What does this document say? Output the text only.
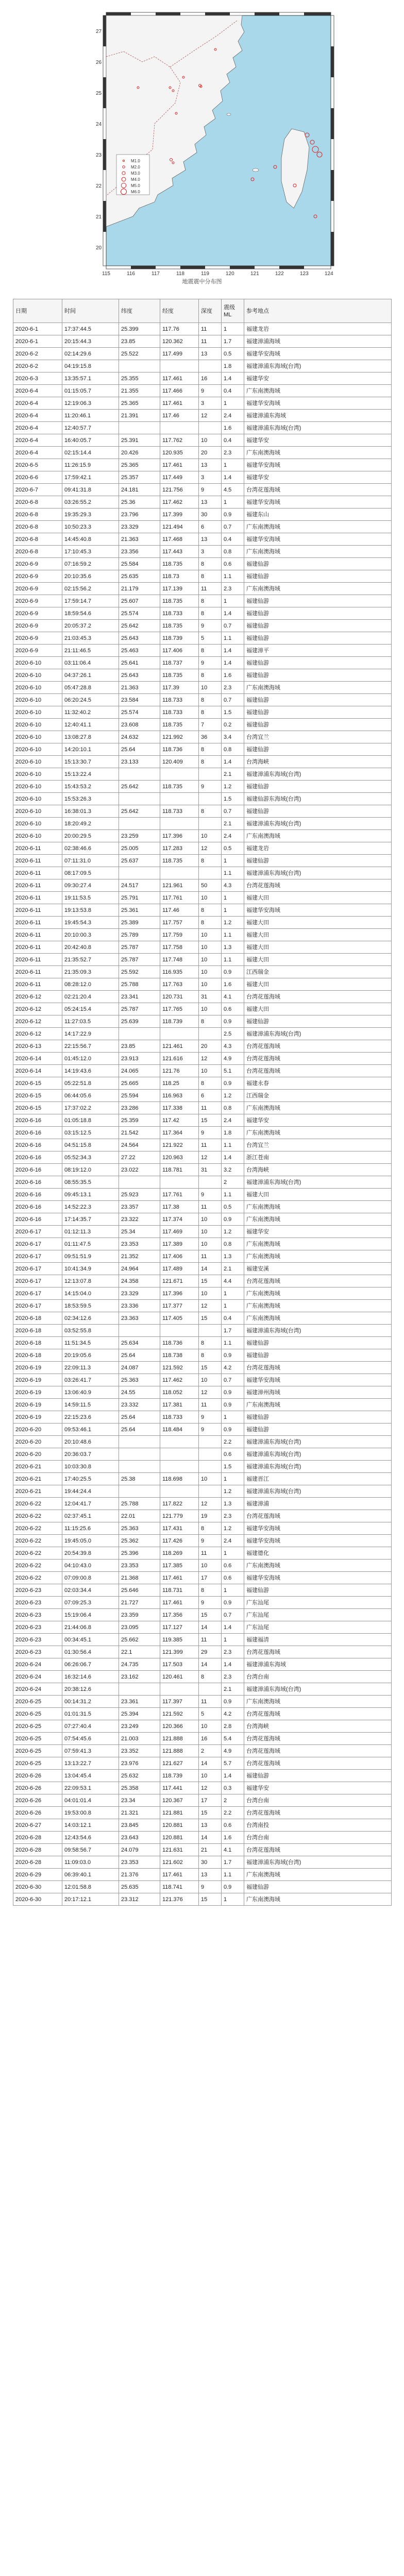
27
26
25
24
23
22
21
20
115	116	117	118	119	120	121	122	123	124
M1.0
M2.0
M3.0
M4.0
M5.0
M6.0
地震震中分布图
日期	时间	纬度	经度	深度	震级 ML	参考地点
2020-6-1	17:37:44.5	25.399	117.76	11	1	福建龙岩
2020-6-1	20:15:44.3	23.85	120.362	11	1.7	福建漳浦海域
2020-6-2	02:14:29.6	25.522	117.499	13	0.5	福建华安海域
2020-6-2	04:19:15.8				1.8	福建漳浦东海域(台湾)
2020-6-3	13:35:57.1	25.355	117.461	16	1.4	福建华安
2020-6-4	01:15:05.7	21.355	117.466	9	0.4	广东南澳海域
2020-6-4	12:19:06.3	25.365	117.461	3	1	福建华安海域
2020-6-4	11:20:46.1	21.391	117.46	12	2.4	福建漳浦东海域
2020-6-4	12:40:57.7				1.6	福建漳浦东海域(台湾)
2020-6-4	16:40:05.7	25.391	117.762	10	0.4	福建华安
2020-6-4	02:15:14.4	20.426	120.935	20	2.3	广东南澳海域
2020-6-5	11:26:15.9	25.365	117.461	13	1	福建华安海域
2020-6-6	17:59:42.1	25.357	117.449	3	1.4	福建华安
2020-6-7	09:41:31.8	24.181	121.756	9	4.5	台湾花莲海域
2020-6-8	03:26:55.2	25.36	117.462	13	1	福建华安海域
2020-6-8	19:35:29.3	23.796	117.399	30	0.9	福建东山
2020-6-8	10:50:23.3	23.329	121.494	6	0.7	广东南澳海域
2020-6-8	14:45:40.8	21.363	117.468	13	0.4	福建华安海域
2020-6-8	17:10:45.3	23.356	117.443	3	0.8	广东南澳海域
2020-6-9	07:16:59.2	25.584	118.735	8	0.6	福建仙游
2020-6-9	20:10:35.6	25.635	118.73	8	1.1	福建仙游
2020-6-9	02:15:56.2	21.179	117.139	11	2.3	广东南澳海域
2020-6-9	17:59:14.7	25.607	118.735	8	1	福建仙游
2020-6-9	18:59:54.6	25.574	118.733	8	1.4	福建仙游
2020-6-9	20:05:37.2	25.642	118.735	9	0.7	福建仙游
2020-6-9	21:03:45.3	25.643	118.739	5	1.1	福建仙游
2020-6-9	21:11:46.5	25.463	117.406	8	1.4	福建漳平
2020-6-10	03:11:06.4	25.641	118.737	9	1.4	福建仙游
2020-6-10	04:37:26.1	25.643	118.735	8	1.6	福建仙游
2020-6-10	05:47:28.8	21.363	117.39	10	2.3	广东南澳海域
2020-6-10	06:20:24.5	23.584	118.733	8	0.7	福建仙游
2020-6-10	11:32:40.2	25.574	118.733	8	1.5	福建仙游
2020-6-10	12:40:41.1	23.608	118.735	7	0.2	福建仙游
2020-6-10	13:08:27.8	24.632	121.992	36	3.4	台湾宜兰
2020-6-10	14:20:10.1	25.64	118.736	8	0.8	福建仙游
2020-6-10	15:13:30.7	23.133	120.409	8	1.4	台湾海峡
2020-6-10	15:13:22.4				2.1	福建漳浦东海域(台湾)
2020-6-10	15:43:53.2	25.642	118.735	9	1.2	福建仙游
2020-6-10	15:53:26.3				1.5	福建仙游东海域(台湾)
2020-6-10	16:38:01.3	25.642	118.733	8	0.7	福建仙游
2020-6-10	18:20:49.2				2.1	福建漳浦东海域(台湾)
2020-6-10	20:00:29.5	23.259	117.396	10	2.4	广东南澳海域
2020-6-11	02:38:46.6	25.005	117.283	12	0.5	福建龙岩
2020-6-11	07:11:31.0	25.637	118.735	8	1	福建仙游
2020-6-11	08:17:09.5				1.1	福建漳浦东海域(台湾)
2020-6-11	09:30:27.4	24.517	121.961	50	4.3	台湾花莲海域
2020-6-11	19:11:53.5	25.791	117.761	10	1	福建大田
2020-6-11	19:13:53.8	25.361	117.46	8	1	福建华安海域
2020-6-11	19:45:54.3	25.389	117.757	8	1.2	福建大田
2020-6-11	20:10:00.3	25.789	117.759	10	1.1	福建大田
2020-6-11	20:42:40.8	25.787	117.758	10	1.3	福建大田
2020-6-11	21:35:52.7	25.787	117.748	10	1.1	福建大田
2020-6-11	21:35:09.3	25.592	116.935	10	0.9	江西瑞金
2020-6-11	08:28:12.0	25.788	117.763	10	1.6	福建大田
2020-6-12	02:21:20.4	23.341	120.731	31	4.1	台湾花莲海域
2020-6-12	05:24:15.4	25.787	117.765	10	0.6	福建大田
2020-6-12	11:27:03.5	25.639	118.739	8	0.9	福建仙游
2020-6-12	14:17:22.9				2.5	福建漳浦东海域(台湾)
2020-6-13	22:15:56.7	23.85	121.461	20	4.3	台湾花莲海域
2020-6-14	01:45:12.0	23.913	121.616	12	4.9	台湾花莲海域
2020-6-14	14:19:43.6	24.065	121.76	10	5.1	台湾花莲海域
2020-6-15	05:22:51.8	25.665	118.25	8	0.9	福建永春
2020-6-15	06:44:05.6	25.594	116.963	6	1.2	江西瑞金
2020-6-15	17:37:02.2	23.286	117.338	11	0.8	广东南澳海域
2020-6-16	01:05:18.8	25.359	117.42	15	2.4	福建华安
2020-6-16	03:15:12.5	21.542	117.364	9	1.8	广东南澳海域
2020-6-16	04:51:15.8	24.564	121.922	11	1.1	台湾宜兰
2020-6-16	05:52:34.3	27.22	120.963	12	1.4	浙江苍南
2020-6-16	08:19:12.0	23.022	118.781	31	3.2	台湾海峡
2020-6-16	08:55:35.5				2	福建漳浦东海域(台湾)
2020-6-16	09:45:13.1	25.923	117.761	9	1.1	福建大田
2020-6-16	14:52:22.3	23.357	117.38	11	0.5	广东南澳海域
2020-6-16	17:14:35.7	23.322	117.374	10	0.9	广东南澳海域
2020-6-17	01:12:11.3	25.34	117.469	10	1.2	福建华安
2020-6-17	01:11:47.5	23.353	117.389	10	0.8	广东南澳海域
2020-6-17	09:51:51.9	21.352	117.406	11	1.3	广东南澳海域
2020-6-17	10:41:34.9	24.964	117.489	14	2.1	福建安溪
2020-6-17	12:13:07.8	24.358	121.671	15	4.4	台湾花莲海域
2020-6-17	14:15:04.0	23.329	117.396	10	1	广东南澳海域
2020-6-17	18:53:59.5	23.336	117.377	12	1	广东南澳海域
2020-6-18	02:34:12.6	23.363	117.405	15	0.4	广东南澳海域
2020-6-18	03:52:55.8				1.7	福建漳浦东海域(台湾)
2020-6-18	11:51:34.5	25.634	118.736	8	1.1	福建仙游
2020-6-18	20:19:05.6	25.64	118.738	8	0.9	福建仙游
2020-6-19	22:09:11.3	24.087	121.592	15	4.2	台湾花莲海域
2020-6-19	03:26:41.7	25.363	117.462	10	0.7	福建华安海域
2020-6-19	13:06:40.9	24.55	118.052	12	0.9	福建漳州海域
2020-6-19	14:59:11.5	23.332	117.381	11	0.9	广东南澳海域
2020-6-19	22:15:23.6	25.64	118.733	9	1	福建仙游
2020-6-20	09:53:46.1	25.64	118.484	9	0.9	福建仙游
2020-6-20	20:10:48.6				2.2	福建漳浦东海域(台湾)
2020-6-20	20:36:03.7				0.6	福建漳浦东海域(台湾)
2020-6-21	10:03:30.8				1.5	福建漳浦东海域(台湾)
2020-6-21	17:40:25.5	25.38	118.698	10	1	福建晋江
2020-6-21	19:44:24.4				1.2	福建漳浦东海域(台湾)
2020-6-22	12:04:41.7	25.788	117.822	12	1.3	福建漳浦
2020-6-22	02:37:45.1	22.01	121.779	19	2.3	台湾花莲海域
2020-6-22	11:15:25.6	25.363	117.431	8	1.2	福建华安海域
2020-6-22	19:45:05.0	25.362	117.426	9	2.4	福建华安海域
2020-6-22	20:54:39.8	25.396	118.269	11	1	福建德化
2020-6-22	04:10:43.0	23.353	117.385	10	0.6	广东南澳海域
2020-6-22	07:09:00.8	21.368	117.461	17	0.6	福建华安海域
2020-6-23	02:03:34.4	25.646	118.731	8	1	福建仙游
2020-6-23	07:09:25.3	21.727	117.461	9	0.9	广东汕尾
2020-6-23	15:19:06.4	23.359	117.356	15	0.7	广东汕尾
2020-6-23	21:44:06.8	23.095	117.127	14	1.4	广东汕尾
2020-6-23	00:34:45.1	25.662	119.385	11	1	福建福清
2020-6-23	01:30:56.4	22.1	121.399	29	2.3	台湾花莲海域
2020-6-24	06:26:06.7	24.735	117.503	14	1.4	福建漳浦东海域
2020-6-24	16:32:14.6	23.162	120.461	8	2.3	台湾台南
2020-6-24	20:38:12.6				2.1	福建漳浦东海域(台湾)
2020-6-25	00:14:31.2	23.361	117.397	11	0.9	广东南澳海域
2020-6-25	01:01:31.5	25.394	121.592	5	4.2	台湾花莲海域
2020-6-25	07:27:40.4	23.249	120.366	10	2.8	台湾海峡
2020-6-25	07:54:45.6	21.003	121.888	16	5.4	台湾花莲海域
2020-6-25	07:59:41.3	23.352	121.888	2	4.9	台湾花莲海域
2020-6-25	13:13:22.7	23.976	121.627	14	5.7	台湾花莲海域
2020-6-26	13:04:45.4	25.632	118.739	10	1.4	福建仙游
2020-6-26	22:09:53.1	25.358	117.441	12	0.3	福建华安
2020-6-26	04:01:01.4	23.34	120.367	17	2	台湾台南
2020-6-26	19:53:00.8	21.321	121.881	15	2.2	台湾花莲海域
2020-6-27	14:03:12.1	23.845	120.881	13	0.6	台湾南投
2020-6-28	12:43:54.6	23.643	120.881	14	1.6	台湾台南
2020-6-28	09:58:56.7	24.079	121.631	21	4.1	台湾花莲海域
2020-6-28	11:09:03.0	23.353	121.602	30	1.7	福建漳浦东海域(台湾)
2020-6-29	06:39:40.1	21.376	117.461	13	1.1	广东南澳海域
2020-6-30	12:01:58.8	25.635	118.741	9	0.9	福建仙游
2020-6-30	20:17:12.1	23.312	121.376	15	1	广东南澳海域
